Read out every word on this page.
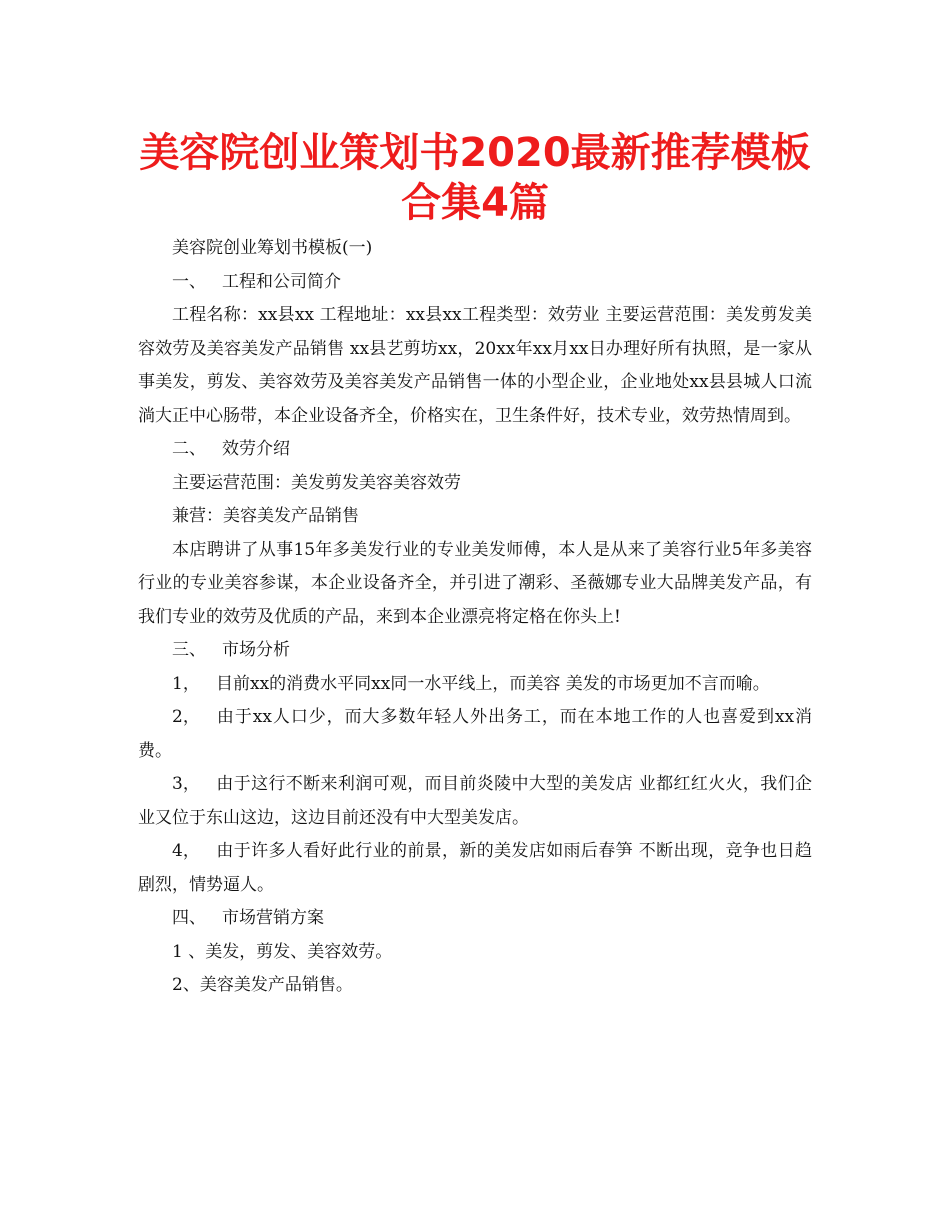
美容院创业策划书2020最新推荐模板合集4篇

美容院创业筹划书模板(一)

一、 工程和公司简介

工程名称：xx县xx 工程地址：xx县xx工程类型：效劳业 主要运营范围：美发剪发美容效劳及美容美发产品销售 xx县艺剪坊xx，20xx年xx月xx日办理好所有执照，是一家从事美发，剪发、美容效劳及美容美发产品销售一体的小型企业，企业地处xx县县城人口流淌大正中心肠带，本企业设备齐全，价格实在，卫生条件好，技术专业，效劳热情周到。

二、 效劳介绍

主要运营范围：美发剪发美容美容效劳

兼营：美容美发产品销售

本店聘讲了从事15年多美发行业的专业美发师傅，本人是从来了美容行业5年多美容行业的专业美容参谋，本企业设备齐全，并引进了潮彩、圣薇娜专业大品牌美发产品，有我们专业的效劳及优质的产品，来到本企业漂亮将定格在你头上!

三、 市场分析

1， 目前xx的消费水平同xx同一水平线上，而美容 美发的市场更加不言而喻。

2， 由于xx人口少，而大多数年轻人外出务工，而在本地工作的人也喜爱到xx消费。

3， 由于这行不断来利润可观，而目前炎陵中大型的美发店 业都红红火火，我们企业又位于东山这边，这边目前还没有中大型美发店。

4， 由于许多人看好此行业的前景，新的美发店如雨后春笋 不断出现，竞争也日趋剧烈，情势逼人。

四、 市场营销方案

1 、美发，剪发、美容效劳。

2、美容美发产品销售。
